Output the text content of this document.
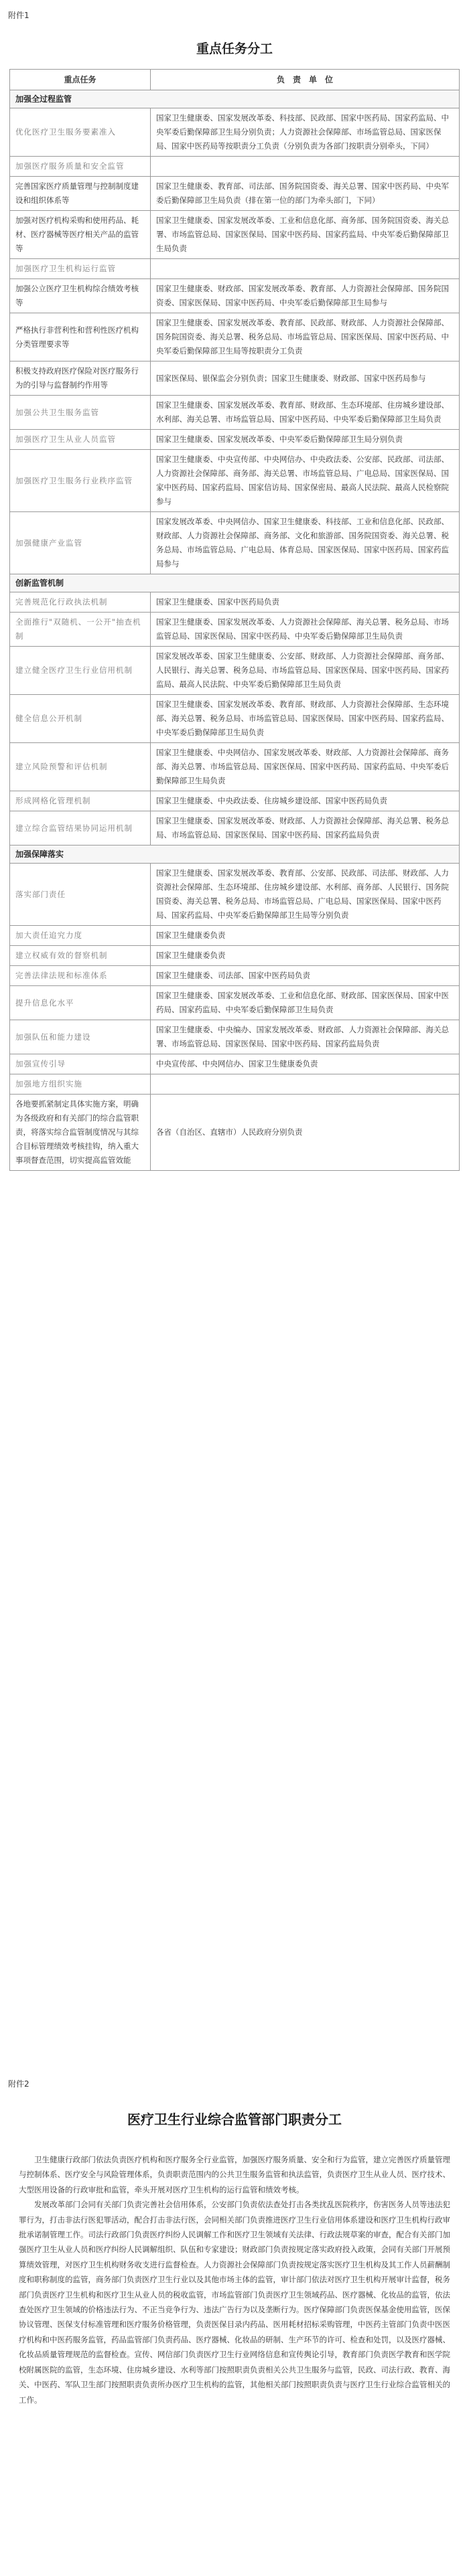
附件1
重点任务分工
重点任务	负　责　单　位
加强全过程监管	
优化医疗卫生服务要素准入	国家卫生健康委、国家发展改革委、科技部、民政部、国家中医药局、国家药监局、中央军委后勤保障部卫生局分别负责；人力资源社会保障部、市场监管总局、国家医保局、国家中医药局等按职责分工负责（分别负责为各部门按职责分别牵头，下同）
加强医疗服务质量和安全监管	
完善国家医疗质量管理与控制制度建设和组织体系等	国家卫生健康委、教育部、司法部、国务院国资委、海关总署、国家中医药局、中央军委后勤保障部卫生局负责（排在第一位的部门为牵头部门，下同）
加强对医疗机构采购和使用药品、耗材、医疗器械等医疗相关产品的监管等	国家卫生健康委、国家发展改革委、工业和信息化部、商务部、国务院国资委、海关总署、市场监管总局、国家医保局、国家中医药局、国家药监局、中央军委后勤保障部卫生局负责
加强医疗卫生机构运行监管	
加强公立医疗卫生机构综合绩效考核等	国家卫生健康委、财政部、国家发展改革委、教育部、人力资源社会保障部、国务院国资委、国家医保局、国家中医药局、中央军委后勤保障部卫生局参与
严格执行非营利性和营利性医疗机构分类管理要求等	国家卫生健康委、国家发展改革委、教育部、民政部、财政部、人力资源社会保障部、国务院国资委、海关总署、税务总局、市场监管总局、国家医保局、国家中医药局、中央军委后勤保障部卫生局等按职责分工负责
积极支持政府医疗保险对医疗服务行为的引导与监督制约作用等	国家医保局、银保监会分别负责；国家卫生健康委、财政部、国家中医药局参与
加强公共卫生服务监管	国家卫生健康委、国家发展改革委、教育部、财政部、生态环境部、住房城乡建设部、水利部、海关总署、市场监管总局、国家中医药局、中央军委后勤保障部卫生局负责
加强医疗卫生从业人员监管	国家卫生健康委、国家发展改革委、中央军委后勤保障部卫生局分别负责
加强医疗卫生服务行业秩序监管	国家卫生健康委、中央宣传部、中央网信办、中央政法委、公安部、民政部、司法部、人力资源社会保障部、商务部、海关总署、市场监管总局、广电总局、国家医保局、国家中医药局、国家药监局、国家信访局、国家保密局、最高人民法院、最高人民检察院参与
加强健康产业监管	国家发展改革委、中央网信办、国家卫生健康委、科技部、工业和信息化部、民政部、财政部、人力资源社会保障部、商务部、文化和旅游部、国务院国资委、海关总署、税务总局、市场监管总局、广电总局、体育总局、国家医保局、国家中医药局、国家药监局参与
创新监管机制	
完善规范化行政执法机制	国家卫生健康委、国家中医药局负责
全面推行"双随机、一公开"抽查机制	国家卫生健康委、国家发展改革委、人力资源社会保障部、海关总署、税务总局、市场监管总局、国家医保局、国家中医药局、中央军委后勤保障部卫生局负责
建立健全医疗卫生行业信用机制	国家发展改革委、国家卫生健康委、公安部、财政部、人力资源社会保障部、商务部、人民银行、海关总署、税务总局、市场监管总局、国家医保局、国家中医药局、国家药监局、最高人民法院、中央军委后勤保障部卫生局负责
健全信息公开机制	国家卫生健康委、国家发展改革委、教育部、财政部、人力资源社会保障部、生态环境部、海关总署、税务总局、市场监管总局、国家医保局、国家中医药局、国家药监局、中央军委后勤保障部卫生局负责
建立风险预警和评估机制	国家卫生健康委、中央网信办、国家发展改革委、财政部、人力资源社会保障部、商务部、海关总署、市场监管总局、国家医保局、国家中医药局、国家药监局、中央军委后勤保障部卫生局负责
形成网格化管理机制	国家卫生健康委、中央政法委、住房城乡建设部、国家中医药局负责
建立综合监管结果协同运用机制	国家卫生健康委、国家发展改革委、财政部、人力资源社会保障部、海关总署、税务总局、市场监管总局、国家医保局、国家中医药局、国家药监局负责
加强保障落实	
落实部门责任	国家卫生健康委、国家发展改革委、教育部、公安部、民政部、司法部、财政部、人力资源社会保障部、生态环境部、住房城乡建设部、水利部、商务部、人民银行、国务院国资委、海关总署、税务总局、市场监管总局、广电总局、国家医保局、国家中医药局、国家药监局、中央军委后勤保障部卫生局等分别负责
加大责任追究力度	国家卫生健康委负责
建立权威有效的督察机制	国家卫生健康委负责
完善法律法规和标准体系	国家卫生健康委、司法部、国家中医药局负责
提升信息化水平	国家卫生健康委、国家发展改革委、工业和信息化部、财政部、国家医保局、国家中医药局、国家药监局、中央军委后勤保障部卫生局负责
加强队伍和能力建设	国家卫生健康委、中央编办、国家发展改革委、财政部、人力资源社会保障部、海关总署、市场监管总局、国家医保局、国家中医药局、国家药监局负责
加强宣传引导	中央宣传部、中央网信办、国家卫生健康委负责
加强地方组织实施	
各地要抓紧制定具体实施方案，明确为各级政府和有关部门的综合监管职责，将落实综合监管制度情况与其综合目标管理绩效考核挂钩，纳入重大事项督查范围，切实提高监管效能	各省（自治区、直辖市）人民政府分别负责
附件2
医疗卫生行业综合监管部门职责分工

卫生健康行政部门依法负责医疗机构和医疗服务全行业监管，加强医疗服务质量、安全和行为监管，建立完善医疗质量管理与控制体系、医疗安全与风险管理体系，负责职责范围内的公共卫生服务监管和执法监管，负责医疗卫生从业人员、医疗技术、大型医用设备的行政审批和监管，牵头开展对医疗卫生机构的运行监管和绩效考核。

发展改革部门会同有关部门负责完善社会信用体系，公安部门负责依法查处打击各类扰乱医院秩序，伤害医务人员等违法犯罪行为，打击非法行医犯罪活动，配合打击非法行医，会同相关部门负责推进医疗卫生行业信用体系建设和医疗卫生机构行政审批承诺制管理工作。司法行政部门负责医疗纠纷人民调解工作和医疗卫生领域有关法律、行政法规草案的审查，配合有关部门加强医疗卫生从业人员和医疗纠纷人民调解组织、队伍和专家建设；财政部门负责按规定落实政府投入政策，会同有关部门开展预算绩效管理，对医疗卫生机构财务收支进行监督检查。人力资源社会保障部门负责按规定落实医疗卫生机构及其工作人员薪酬制度和职称制度的监管，商务部门负责医疗卫生行业以及其他市场主体的监管，审计部门依法对医疗卫生机构开展审计监督，税务部门负责医疗卫生机构和医疗卫生从业人员的税收监管，市场监管部门负责医疗卫生领域药品、医疗器械、化妆品的监管，依法查处医疗卫生领域的价格违法行为、不正当竞争行为、违法广告行为以及垄断行为。医疗保障部门负责医保基金使用监管，医保协议管理、医保支付标准管理和医疗服务价格管理，负责医保目录内药品、医用耗材招标采购管理，中医药主管部门负责中医医疗机构和中医药服务监管，药品监管部门负责药品、医疗器械、化妆品的研制、生产环节的许可、检查和处罚，以及医疗器械、化妆品质量管理规范的监督检查。宣传、网信部门负责医疗卫生行业网络信息和宣传舆论引导，教育部门负责医学教育和医学院校附属医院的监管，生态环境、住房城乡建设、水利等部门按照职责负责相关公共卫生服务与监管，民政、司法行政、教育、海关、中医药、军队卫生部门按照职责负责所办医疗卫生机构的监管，其他相关部门按照职责负责与医疗卫生行业综合监管相关的工作。
